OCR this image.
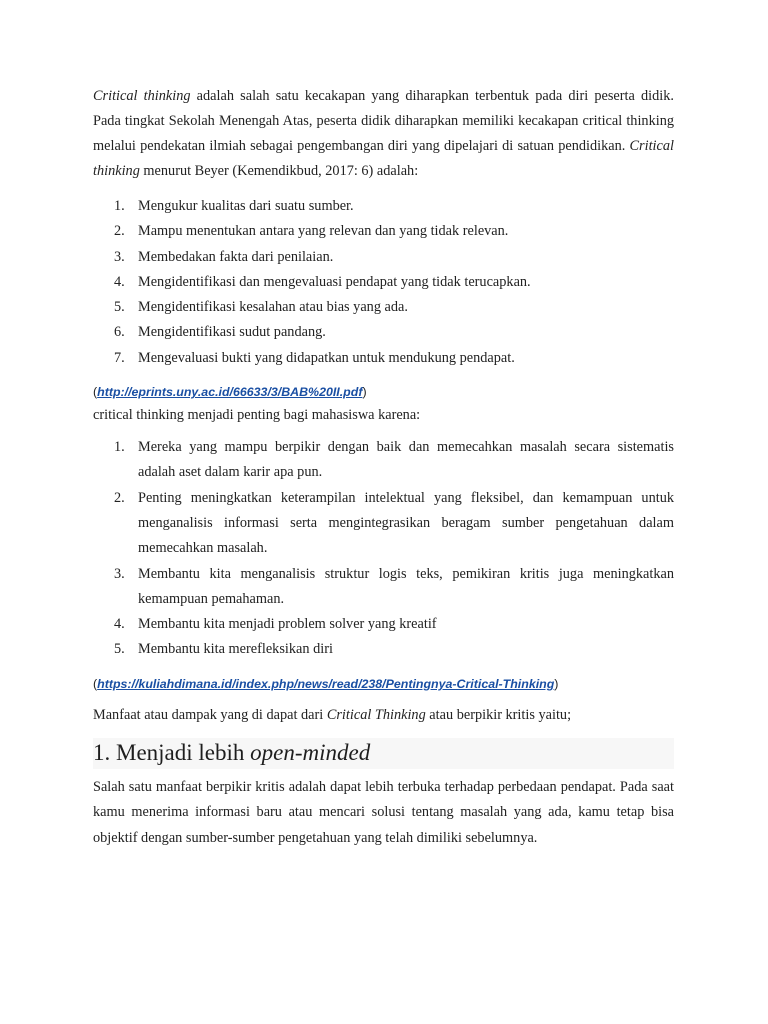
Critical thinking adalah salah satu kecakapan yang diharapkan terbentuk pada diri peserta didik. Pada tingkat Sekolah Menengah Atas, peserta didik diharapkan memiliki kecakapan critical thinking melalui pendekatan ilmiah sebagai pengembangan diri yang dipelajari di satuan pendidikan. Critical thinking menurut Beyer (Kemendikbud, 2017: 6) adalah:

1. Mengukur kualitas dari suatu sumber.
2. Mampu menentukan antara yang relevan dan yang tidak relevan.
3. Membedakan fakta dari penilaian.
4. Mengidentifikasi dan mengevaluasi pendapat yang tidak terucapkan.
5. Mengidentifikasi kesalahan atau bias yang ada.
6. Mengidentifikasi sudut pandang.
7. Mengevaluasi bukti yang didapatkan untuk mendukung pendapat.

(http://eprints.uny.ac.id/66633/3/BAB%20II.pdf)

critical thinking menjadi penting bagi mahasiswa karena:

1. Mereka yang mampu berpikir dengan baik dan memecahkan masalah secara sistematis adalah aset dalam karir apa pun.
2. Penting meningkatkan keterampilan intelektual yang fleksibel, dan kemampuan untuk menganalisis informasi serta mengintegrasikan beragam sumber pengetahuan dalam memecahkan masalah.
3. Membantu kita menganalisis struktur logis teks, pemikiran kritis juga meningkatkan kemampuan pemahaman.
4. Membantu kita menjadi problem solver yang kreatif
5. Membantu kita merefleksikan diri

(https://kuliahdimana.id/index.php/news/read/238/Pentingnya-Critical-Thinking)

Manfaat atau dampak yang di dapat dari Critical Thinking atau berpikir kritis yaitu;

1. Menjadi lebih open-minded

Salah satu manfaat berpikir kritis adalah dapat lebih terbuka terhadap perbedaan pendapat. Pada saat kamu menerima informasi baru atau mencari solusi tentang masalah yang ada, kamu tetap bisa objektif dengan sumber-sumber pengetahuan yang telah dimiliki sebelumnya.
